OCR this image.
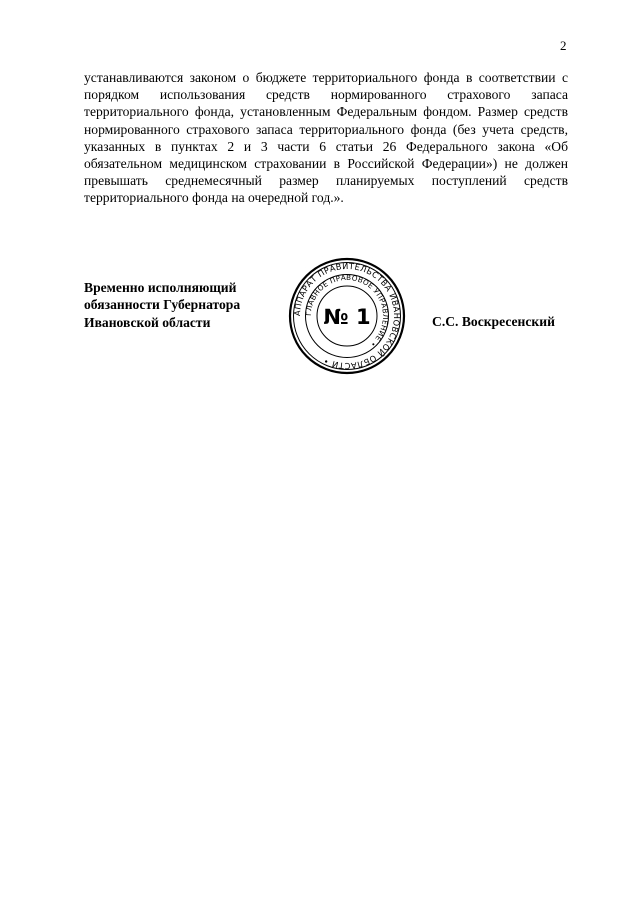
2

устанавливаются законом о бюджете территориального фонда в соответствии с порядком использования средств нормированного страхового запаса территориального фонда, установленным Федеральным фондом. Размер средств нормированного страхового запаса территориального фонда (без учета средств, указанных в пунктах 2 и 3 части 6 статьи 26 Федерального закона «Об обязательном медицинском страховании в Российской Федерации») не должен превышать среднемесячный размер планируемых поступлений средств территориального фонда на очередной год.».

Временно исполняющий
обязанности Губернатора
Ивановской области
АППАРАТ ПРАВИТЕЛЬСТВА ИВАНОВСКОЙ ОБЛАСТИ •
ГЛАВНОЕ ПРАВОВОЕ УПРАВЛЕНИЕ •
№ 1	С.С. Воскресенский
